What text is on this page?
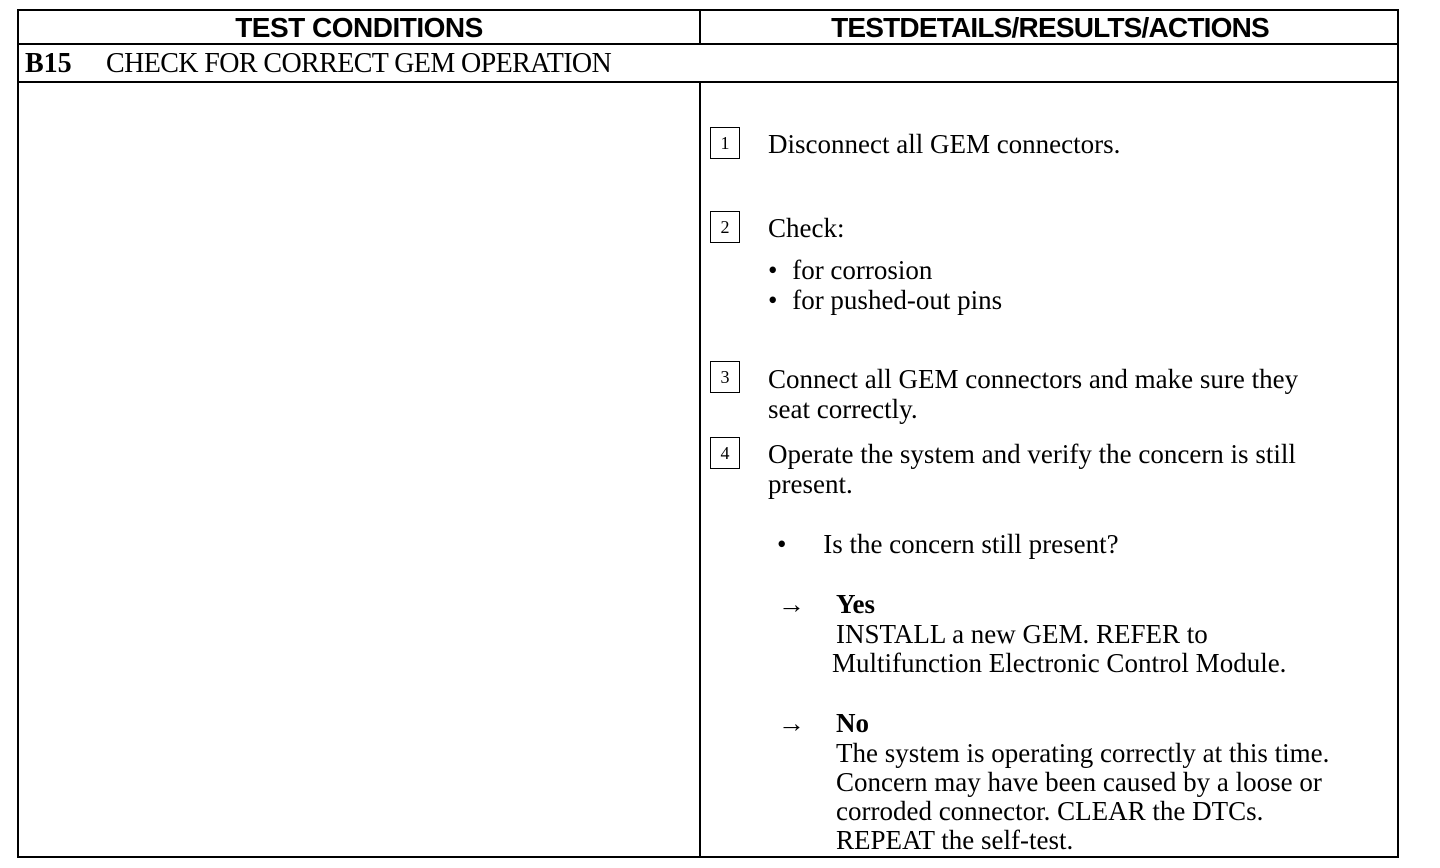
TEST CONDITIONS	TESTDETAILS/RESULTS/ACTIONS
B15 CHECK FOR CORRECT GEM OPERATION
1	Disconnect all GEM connectors.
2	Check:
• for corrosion
• for pushed-out pins
3	Connect all GEM connectors and make sure they
seat correctly.
4	Operate the system and verify the concern is still
present.
• Is the concern still present?
→ Yes
INSTALL a new GEM. REFER to
Multifunction Electronic Control Module.
→ No
The system is operating correctly at this time.
Concern may have been caused by a loose or
corroded connector. CLEAR the DTCs.
REPEAT the self-test.
